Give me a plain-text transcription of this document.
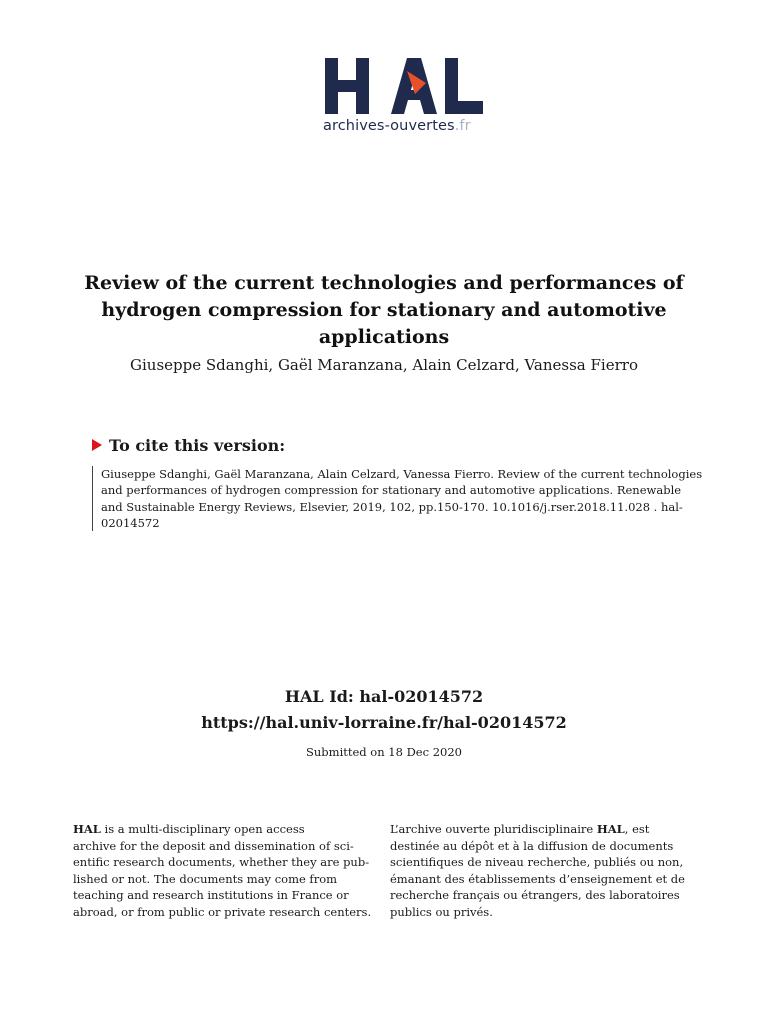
archives-ouvertes.fr
Review of the current technologies and performances of
hydrogen compression for stationary and automotive
applications
Giuseppe Sdanghi, Gaël Maranzana, Alain Celzard, Vanessa Fierro
To cite this version:
Giuseppe Sdanghi, Gaël Maranzana, Alain Celzard, Vanessa Fierro. Review of the current technologies
and performances of hydrogen compression for stationary and automotive applications. Renewable
and Sustainable Energy Reviews, Elsevier, 2019, 102, pp.150-170. 10.1016/j.rser.2018.11.028 . hal-
02014572
HAL Id: hal-02014572
https://hal.univ-lorraine.fr/hal-02014572
Submitted on 18 Dec 2020
HAL is a multi-disciplinary open access
archive for the deposit and dissemination of sci-
entific research documents, whether they are pub-
lished or not. The documents may come from
teaching and research institutions in France or
abroad, or from public or private research centers.
L’archive ouverte pluridisciplinaire HAL, est
destinée au dépôt et à la diffusion de documents
scientifiques de niveau recherche, publiés ou non,
émanant des établissements d’enseignement et de
recherche français ou étrangers, des laboratoires
publics ou privés.
